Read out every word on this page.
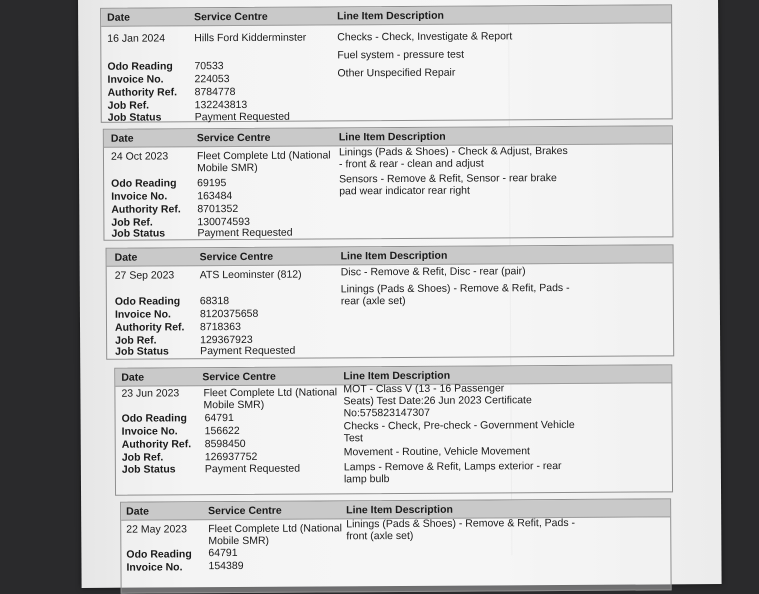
Date	Service Centre	Line Item Description
16 Jan 2024	Hills Ford Kidderminster	Checks - Check, Investigate & Report
Fuel system - pressure test
Other Unspecified Repair
Odo Reading 70533
Invoice No.	224053
Authority Ref. 8784778
Job Ref.	132243813
Job Status	Payment Requested
Date	Service Centre	Line Item Description
24 Oct 2023	Fleet Complete Ltd (National Mobile SMR)
Linings (Pads & Shoes) - Check & Adjust, Brakes - front & rear - clean and adjust
Sensors - Remove & Refit, Sensor - rear brake pad wear indicator rear right
Odo Reading 69195
Invoice No.	163484
Authority Ref. 8701352
Job Ref.	130074593
Job Status	Payment Requested
Date	Service Centre	Line Item Description
27 Sep 2023 ATS Leominster (812)	Disc - Remove & Refit, Disc - rear (pair)
Linings (Pads & Shoes) - Remove & Refit, Pads - rear (axle set)
Odo Reading 68318
Invoice No.	8120375658
Authority Ref. 8718363
Job Ref.	129367923
Job Status	Payment Requested
Date	Service Centre	Line Item Description
23 Jun 2023 Fleet Complete Ltd (National Mobile SMR)
MOT - Class V (13 - 16 Passenger Seats) Test Date:26 Jun 2023 Certificate No:575823147307
Checks - Check, Pre-check - Government Vehicle Test
Movement - Routine, Vehicle Movement
Lamps - Remove & Refit, Lamps exterior - rear lamp bulb
Odo Reading 64791
Invoice No.	156622
Authority Ref. 8598450
Job Ref.	126937752
Job Status	Payment Requested
Date	Service Centre	Line Item Description
22 May 2023 Fleet Complete Ltd (National Mobile SMR)
Linings (Pads & Shoes) - Remove & Refit, Pads - front (axle set)
Odo Reading 64791
Invoice No. 154389
